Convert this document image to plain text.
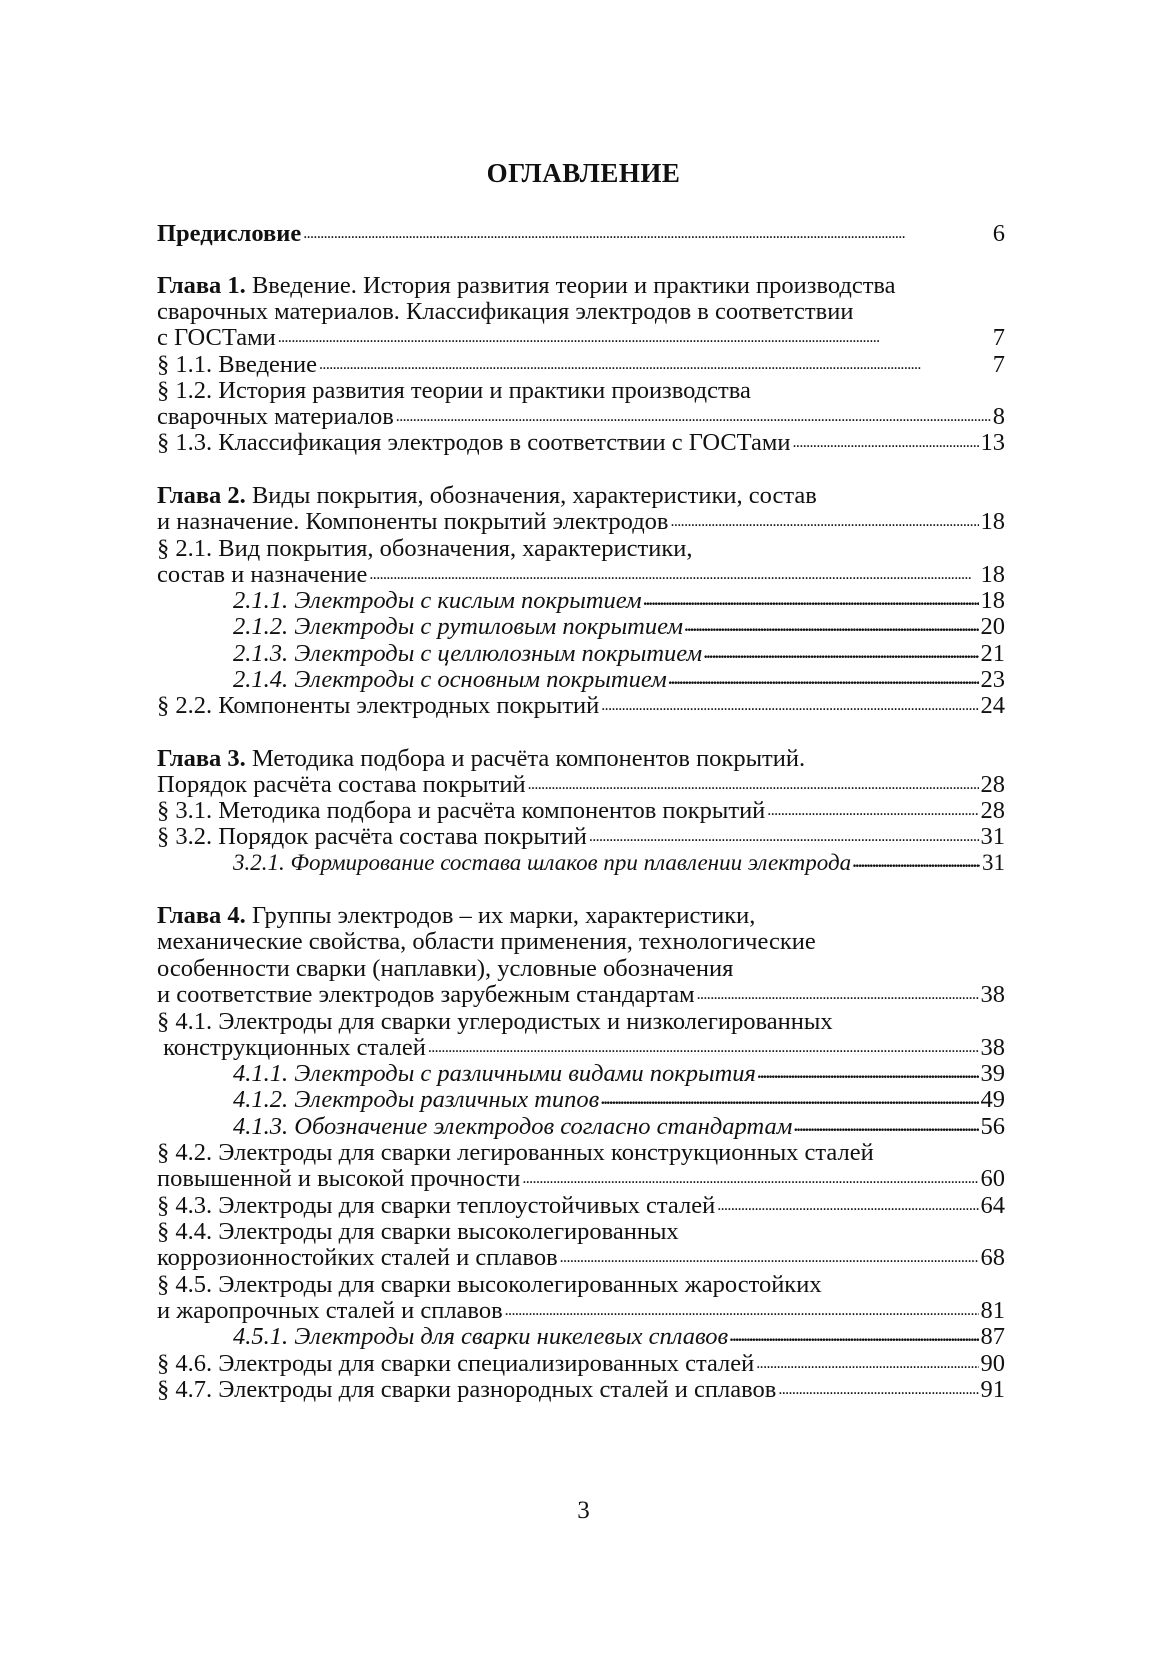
ОГЛАВЛЕНИЕ
Предисловие . . .	6
Глава 1. Введение. История развития теории и практики производства
сварочных материалов. Классификация электродов в соответствии
с ГОСТами . . .	7
§ 1.1. Введение . . .	7
§ 1.2. История развития теории и практики производства
сварочных материалов . . .	8
§ 1.3. Классификация электродов в соответствии с ГОСТами . . .	13
Глава 2. Виды покрытия, обозначения, характеристики, состав
и назначение. Компоненты покрытий электродов . . .	18
§ 2.1. Вид покрытия, обозначения, характеристики,
состав и назначение . . .	18
2.1.1. Электроды с кислым покрытием . . .	18
2.1.2. Электроды с рутиловым покрытием . . .	20
2.1.3. Электроды с целлюлозным покрытием . . .	21
2.1.4. Электроды с основным покрытием . . .	23
§ 2.2. Компоненты электродных покрытий . . .	24
Глава 3. Методика подбора и расчёта компонентов покрытий.
Порядок расчёта состава покрытий . . .	28
§ 3.1. Методика подбора и расчёта компонентов покрытий . . .	28
§ 3.2. Порядок расчёта состава покрытий . . .	31
3.2.1. Формирование состава шлаков при плавлении электрода . . .	31
Глава 4. Группы электродов – их марки, характеристики,
механические свойства, области применения, технологические
особенности сварки (наплавки), условные обозначения
и соответствие электродов зарубежным стандартам . . .	38
§ 4.1. Электроды для сварки углеродистых и низколегированных
конструкционных сталей . . .	38
4.1.1. Электроды с различными видами покрытия . . .	39
4.1.2. Электроды различных типов . . .	49
4.1.3. Обозначение электродов согласно стандартам . . .	56
§ 4.2. Электроды для сварки легированных конструкционных сталей
повышенной и высокой прочности . . .	60
§ 4.3. Электроды для сварки теплоустойчивых сталей . . .	64
§ 4.4. Электроды для сварки высоколегированных
коррозионностойких сталей и сплавов . . .	68
§ 4.5. Электроды для сварки высоколегированных жаростойких
и жаропрочных сталей и сплавов . . .	81
4.5.1. Электроды для сварки никелевых сплавов . . .	87
§ 4.6. Электроды для сварки специализированных сталей . . .	90
§ 4.7. Электроды для сварки разнородных сталей и сплавов . . .	91
3
